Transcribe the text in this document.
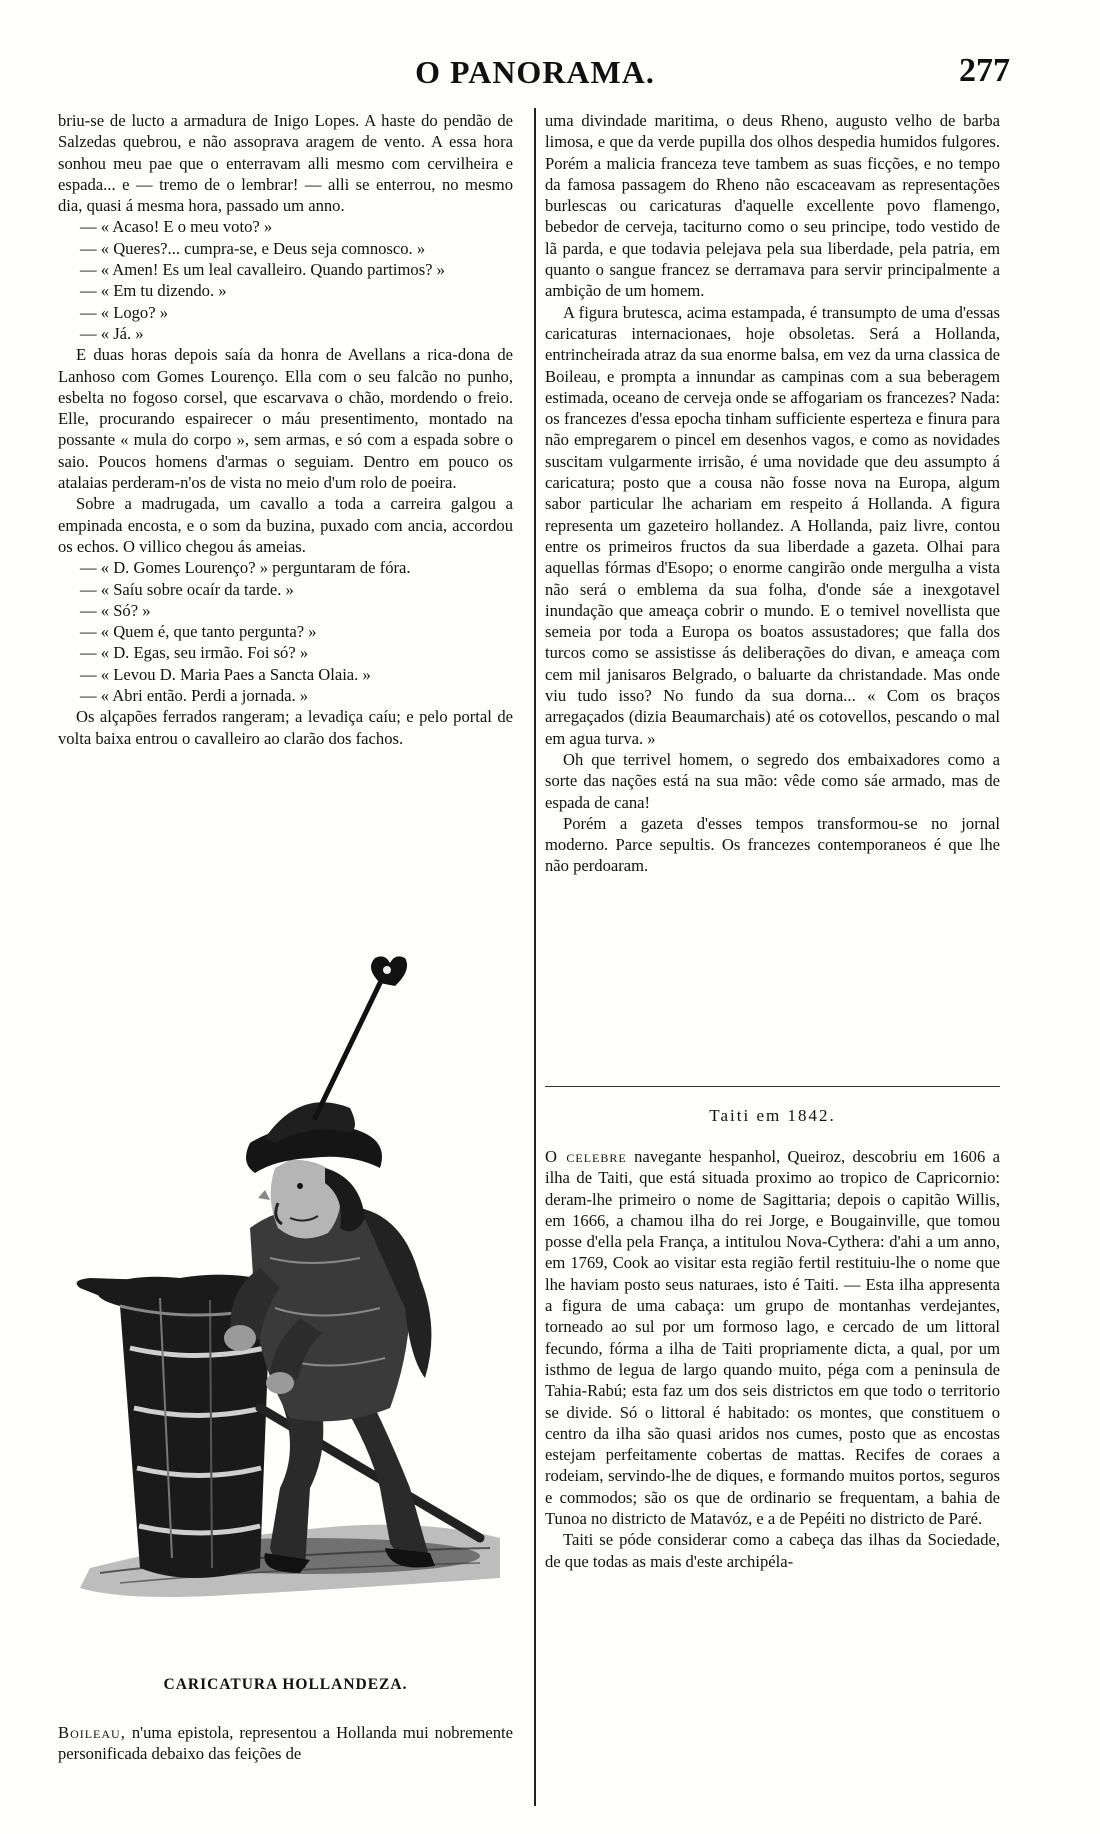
O PANORAMA.	277

briu-se de lucto a armadura de Inigo Lopes. A haste do pendão de Salzedas quebrou, e não assoprava aragem de vento. A essa hora sonhou meu pae que o enterravam alli mesmo com cervilheira e espada... e — tremo de o lembrar! — alli se enterrou, no mesmo dia, quasi á mesma hora, passado um anno.

— « Acaso! E o meu voto? »

— « Queres?... cumpra-se, e Deus seja comnosco. »

— « Amen! Es um leal cavalleiro. Quando partimos? »

— « Em tu dizendo. »

— « Logo? »

— « Já. »

E duas horas depois saía da honra de Avellans a rica-dona de Lanhoso com Gomes Lourenço. Ella com o seu falcão no punho, esbelta no fogoso corsel, que escarvava o chão, mordendo o freio. Elle, procurando espairecer o máu presentimento, montado na possante « mula do corpo », sem armas, e só com a espada sobre o saio. Poucos homens d'armas o seguiam. Dentro em pouco os atalaias perderam-n'os de vista no meio d'um rolo de poeira.

Sobre a madrugada, um cavallo a toda a carreira galgou a empinada encosta, e o som da buzina, puxado com ancia, accordou os echos. O villico chegou ás ameias.

— « D. Gomes Lourenço? » perguntaram de fóra.

— « Saíu sobre ocaír da tarde. »

— « Só? »

— « Quem é, que tanto pergunta? »

— « D. Egas, seu irmão. Foi só? »

— « Levou D. Maria Paes a Sancta Olaia. »

— « Abri então. Perdi a jornada. »

Os alçapões ferrados rangeram; a levadiça caíu; e pelo portal de volta baixa entrou o cavalleiro ao clarão dos fachos.

CARICATURA HOLLANDEZA.

Boileau, n'uma epistola, representou a Hollanda mui nobremente personificada debaixo das feições de

uma divindade maritima, o deus Rheno, augusto velho de barba limosa, e que da verde pupilla dos olhos despedia humidos fulgores. Porém a malicia franceza teve tambem as suas ficções, e no tempo da famosa passagem do Rheno não escaceavam as representações burlescas ou caricaturas d'aquelle excellente povo flamengo, bebedor de cerveja, taciturno como o seu principe, todo vestido de lã parda, e que todavia pelejava pela sua liberdade, pela patria, em quanto o sangue francez se derramava para servir principalmente a ambição de um homem.

A figura brutesca, acima estampada, é transumpto de uma d'essas caricaturas internacionaes, hoje obsoletas. Será a Hollanda, entrincheirada atraz da sua enorme balsa, em vez da urna classica de Boileau, e prompta a innundar as campinas com a sua beberagem estimada, oceano de cerveja onde se affogariam os francezes? Nada: os francezes d'essa epocha tinham sufficiente esperteza e finura para não empregarem o pincel em desenhos vagos, e como as novidades suscitam vulgarmente irrisão, é uma novidade que deu assumpto á caricatura; posto que a cousa não fosse nova na Europa, algum sabor particular lhe achariam em respeito á Hollanda. A figura representa um gazeteiro hollandez. A Hollanda, paiz livre, contou entre os primeiros fructos da sua liberdade a gazeta. Olhai para aquellas fórmas d'Esopo; o enorme cangirão onde mergulha a vista não será o emblema da sua folha, d'onde sáe a inexgotavel inundação que ameaça cobrir o mundo. E o temivel novellista que semeia por toda a Europa os boatos assustadores; que falla dos turcos como se assistisse ás deliberações do divan, e ameaça com cem mil janisaros Belgrado, o baluarte da christandade. Mas onde viu tudo isso? No fundo da sua dorna... « Com os braços arregaçados (dizia Beaumarchais) até os cotovellos, pescando o mal em agua turva. »

Oh que terrivel homem, o segredo dos embaixadores como a sorte das nações está na sua mão: vêde como sáe armado, mas de espada de cana!

Porém a gazeta d'esses tempos transformou-se no jornal moderno. Parce sepultis. Os francezes contemporaneos é que lhe não perdoaram.

Taiti em 1842.

O celebre navegante hespanhol, Queiroz, descobriu em 1606 a ilha de Taiti, que está situada proximo ao tropico de Capricornio: deram-lhe primeiro o nome de Sagittaria; depois o capitão Willis, em 1666, a chamou ilha do rei Jorge, e Bougainville, que tomou posse d'ella pela França, a intitulou Nova-Cythera: d'ahi a um anno, em 1769, Cook ao visitar esta região fertil restituiu-lhe o nome que lhe haviam posto seus naturaes, isto é Taiti. — Esta ilha appresenta a figura de uma cabaça: um grupo de montanhas verdejantes, torneado ao sul por um formoso lago, e cercado de um littoral fecundo, fórma a ilha de Taiti propriamente dicta, a qual, por um isthmo de legua de largo quando muito, péga com a peninsula de Tahia-Rabú; esta faz um dos seis districtos em que todo o territorio se divide. Só o littoral é habitado: os montes, que constituem o centro da ilha são quasi aridos nos cumes, posto que as encostas estejam perfeitamente cobertas de mattas. Recifes de coraes a rodeiam, servindo-lhe de diques, e formando muitos portos, seguros e commodos; são os que de ordinario se frequentam, a bahia de Tunoa no districto de Matavóz, e a de Pepéiti no districto de Paré.

Taiti se póde considerar como a cabeça das ilhas da Sociedade, de que todas as mais d'este archipéla-
